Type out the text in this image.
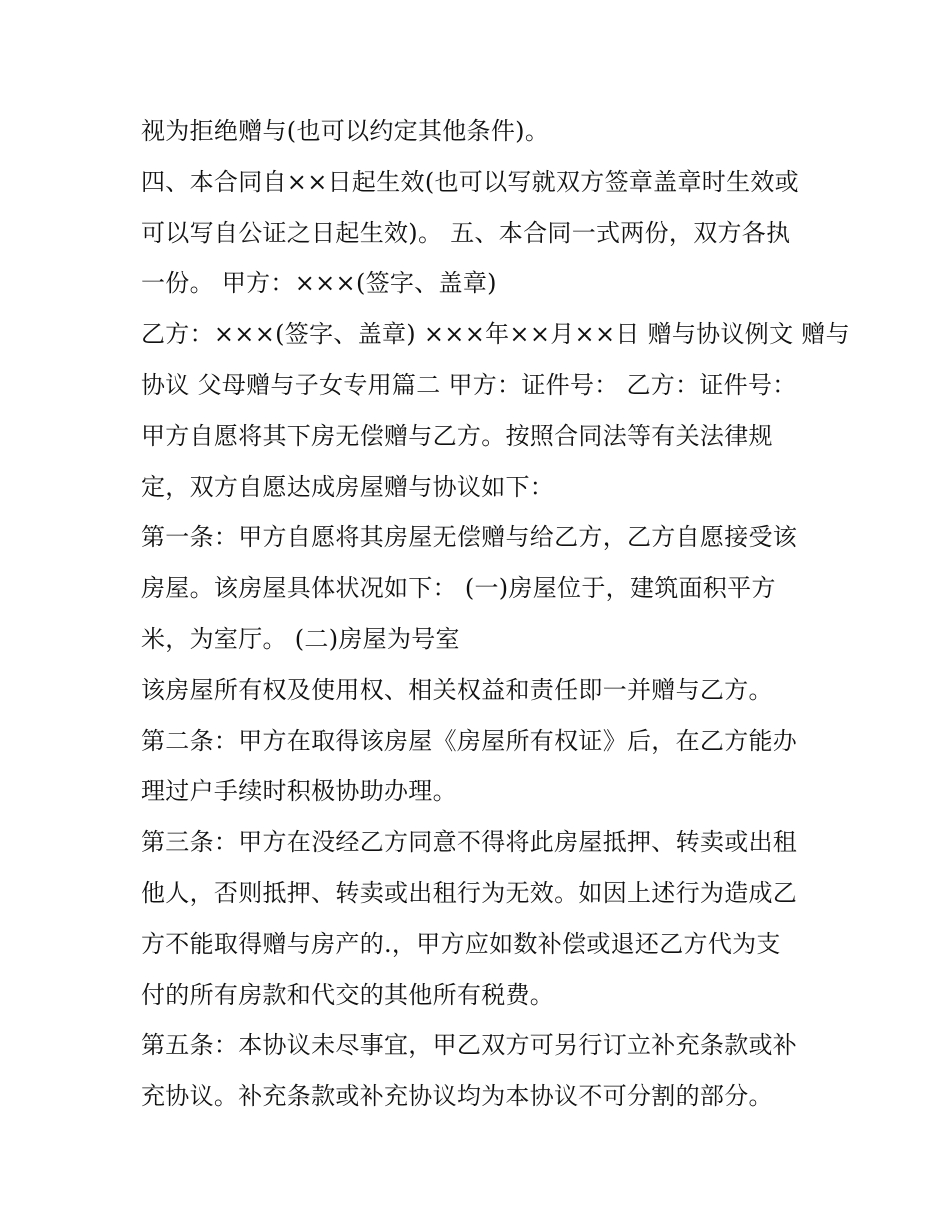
视为拒绝赠与(也可以约定其他条件)。
四、本合同自××日起生效(也可以写就双方签章盖章时生效或
可以写自公证之日起生效)。 五、本合同一式两份，双方各执
一份。 甲方：×××(签字、盖章)
乙方：×××(签字、盖章) ×××年××月××日 赠与协议例文 赠与
协议 父母赠与子女专用篇二 甲方：证件号： 乙方：证件号：
甲方自愿将其下房无偿赠与乙方。按照合同法等有关法律规
定，双方自愿达成房屋赠与协议如下：
第一条：甲方自愿将其房屋无偿赠与给乙方，乙方自愿接受该
房屋。该房屋具体状况如下： (一)房屋位于，建筑面积平方
米，为室厅。 (二)房屋为号室
该房屋所有权及使用权、相关权益和责任即一并赠与乙方。
第二条：甲方在取得该房屋《房屋所有权证》后，在乙方能办
理过户手续时积极协助办理。
第三条：甲方在没经乙方同意不得将此房屋抵押、转卖或出租
他人，否则抵押、转卖或出租行为无效。如因上述行为造成乙
方不能取得赠与房产的.，甲方应如数补偿或退还乙方代为支
付的所有房款和代交的其他所有税费。
第五条：本协议未尽事宜，甲乙双方可另行订立补充条款或补
充协议。补充条款或补充协议均为本协议不可分割的部分。
